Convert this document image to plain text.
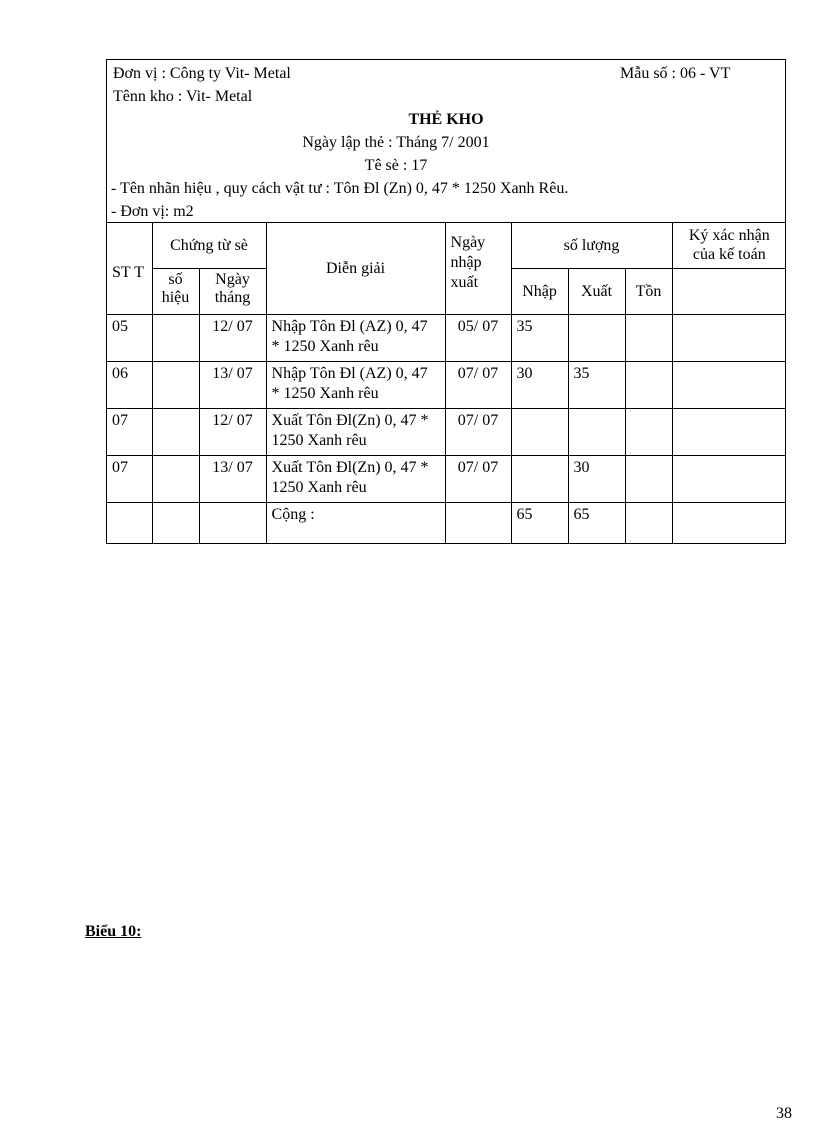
Đơn vị : Công ty Vit- Metal	Mẫu số : 06 - VT
Tênn kho : Vit- Metal
THẺ KHO
Ngày lập thẻ : Tháng 7/ 2001
Tê sè : 17
- Tên nhãn hiệu , quy cách vật tư : Tôn Đl (Zn) 0, 47 * 1250 Xanh Rêu.
- Đơn vị: m2
ST T	Chứng từ sè		Diễn giải	Ngày nhập xuất	số lượng			Ký xác nhận của kế toán
	số hiệu	Ngày tháng			Nhập	Xuất	Tồn	
05		12/ 07	Nhập Tôn Đl (AZ) 0, 47 * 1250 Xanh rêu	05/ 07	35			
06		13/ 07	Nhập Tôn Đl (AZ) 0, 47 * 1250 Xanh rêu	07/ 07	30	35		
07		12/ 07	Xuất Tôn Đl(Zn) 0, 47 * 1250 Xanh rêu	07/ 07				
07		13/ 07	Xuất Tôn Đl(Zn) 0, 47 * 1250 Xanh rêu	07/ 07		30		
			Cộng :		65	65		
Biểu 10:
38
